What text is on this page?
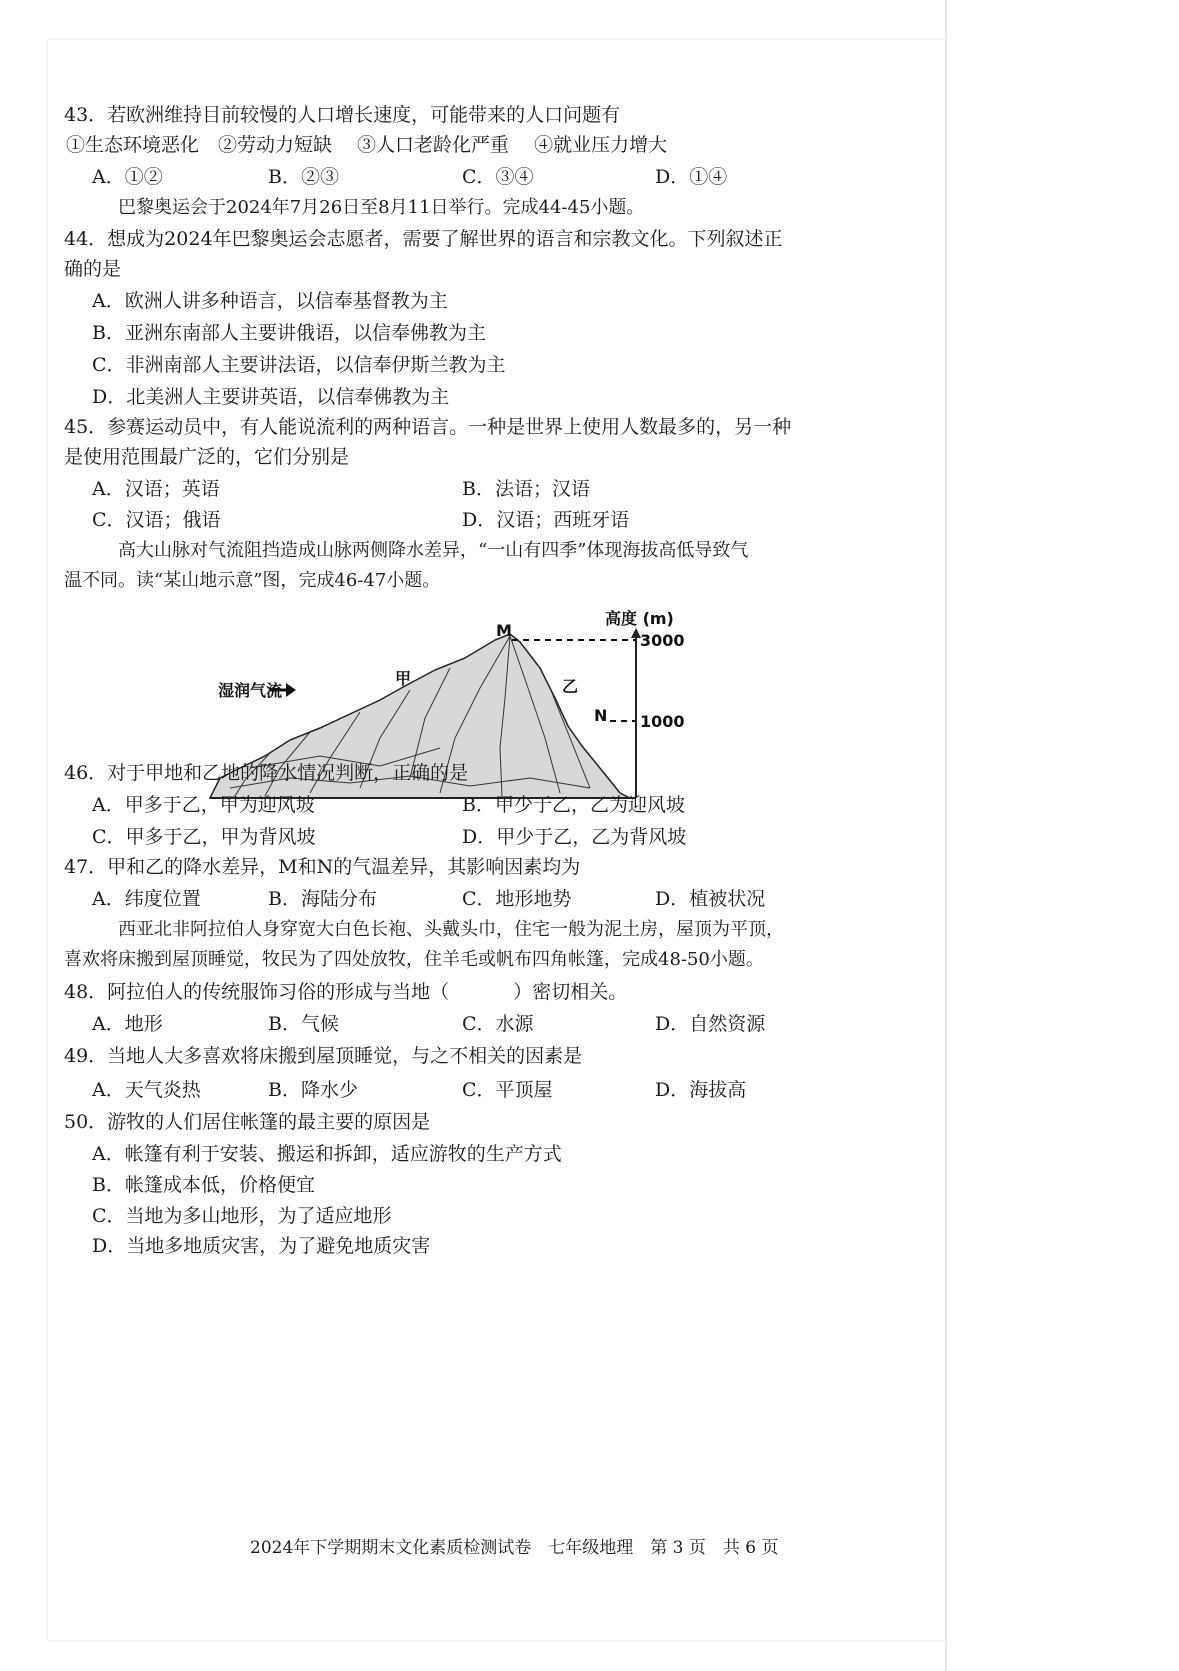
43．若欧洲维持目前较慢的人口增长速度，可能带来的人口问题有
①生态环境恶化　②劳动力短缺　 ③人口老龄化严重　 ④就业压力增大
A．①②	B．②③	C．③④	D．①④
巴黎奥运会于2024年7月26日至8月11日举行。完成44-45小题。
44．想成为2024年巴黎奥运会志愿者，需要了解世界的语言和宗教文化。下列叙述正
确的是
A．欧洲人讲多种语言，以信奉基督教为主
B．亚洲东南部人主要讲俄语，以信奉佛教为主
C．非洲南部人主要讲法语，以信奉伊斯兰教为主
D．北美洲人主要讲英语，以信奉佛教为主
45．参赛运动员中，有人能说流利的两种语言。一种是世界上使用人数最多的，另一种
是使用范围最广泛的，它们分别是
A．汉语；英语	B．法语；汉语
C．汉语；俄语	D．汉语；西班牙语
高大山脉对气流阻挡造成山脉两侧降水差异，“一山有四季”体现海拔高低导致气
温不同。读“某山地示意”图，完成46-47小题。
高度 (m)
3000
1000
湿润气流
甲	乙
M
N
46．对于甲地和乙地的降水情况判断，正确的是
A．甲多于乙，甲为迎风坡	B．甲少于乙，乙为迎风坡
C．甲多于乙，甲为背风坡	D．甲少于乙，乙为背风坡
47．甲和乙的降水差异，M和N的气温差异，其影响因素均为
A．纬度位置	B．海陆分布	C．地形地势	D．植被状况
西亚北非阿拉伯人身穿宽大白色长袍、头戴头巾，住宅一般为泥土房，屋顶为平顶，
喜欢将床搬到屋顶睡觉，牧民为了四处放牧，住羊毛或帆布四角帐篷，完成48-50小题。
48．阿拉伯人的传统服饰习俗的形成与当地（	）密切相关。
A．地形	B．气候	C．水源	D．自然资源
49．当地人大多喜欢将床搬到屋顶睡觉，与之不相关的因素是
A．天气炎热	B．降水少	C．平顶屋	D．海拔高
50．游牧的人们居住帐篷的最主要的原因是
A．帐篷有利于安装、搬运和拆卸，适应游牧的生产方式
B．帐篷成本低，价格便宜
C．当地为多山地形，为了适应地形
D．当地多地质灾害，为了避免地质灾害
2024年下学期期末文化素质检测试卷　七年级地理　第 3 页　共 6 页
